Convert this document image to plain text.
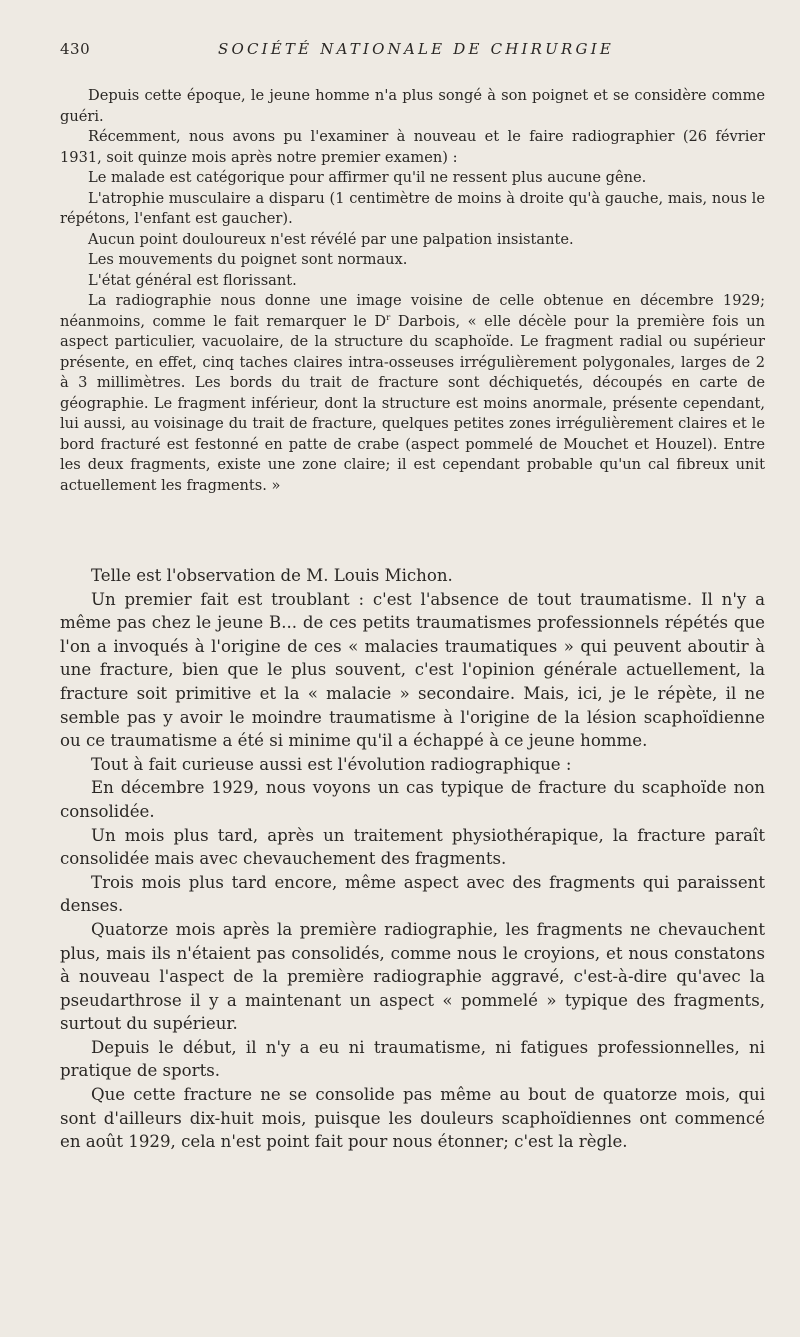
430	SOCIÉTÉ NATIONALE DE CHIRURGIE

Depuis cette époque, le jeune homme n'a plus songé à son poignet et se considère comme guéri.

Récemment, nous avons pu l'examiner à nouveau et le faire radiographier (26 février 1931, soit quinze mois après notre premier examen) :

Le malade est catégorique pour affirmer qu'il ne ressent plus aucune gêne.

L'atrophie musculaire a disparu (1 centimètre de moins à droite qu'à gauche, mais, nous le répétons, l'enfant est gaucher).

Aucun point douloureux n'est révélé par une palpation insistante.

Les mouvements du poignet sont normaux.

L'état général est florissant.

La radiographie nous donne une image voisine de celle obtenue en décembre 1929; néanmoins, comme le fait remarquer le $D^r$ Darbois, « elle décèle pour la première fois un aspect particulier, vacuolaire, de la structure du scaphoïde. Le fragment radial ou supérieur présente, en effet, cinq taches claires intra-osseuses irrégulièrement polygonales, larges de 2 à 3 millimètres. Les bords du trait de fracture sont déchiquetés, découpés en carte de géographie. Le fragment inférieur, dont la structure est moins anormale, présente cependant, lui aussi, au voisinage du trait de fracture, quelques petites zones irrégulièrement claires et le bord fracturé est festonné en patte de crabe (aspect pommelé de Mouchet et Houzel). Entre les deux fragments, existe une zone claire; il est cependant probable qu'un cal fibreux unit actuellement les fragments. »

Telle est l'observation de M. Louis Michon.

Un premier fait est troublant : c'est l'absence de tout traumatisme. Il n'y a même pas chez le jeune B... de ces petits traumatismes professionnels répétés que l'on a invoqués à l'origine de ces « malacies traumatiques » qui peuvent aboutir à une fracture, bien que le plus souvent, c'est l'opinion générale actuellement, la fracture soit primitive et la « malacie » secondaire. Mais, ici, je le répète, il ne semble pas y avoir le moindre traumatisme à l'origine de la lésion scaphoïdienne ou ce traumatisme a été si minime qu'il a échappé à ce jeune homme.

Tout à fait curieuse aussi est l'évolution radiographique :

En décembre 1929, nous voyons un cas typique de fracture du scaphoïde non consolidée.

Un mois plus tard, après un traitement physiothérapique, la fracture paraît consolidée mais avec chevauchement des fragments.

Trois mois plus tard encore, même aspect avec des fragments qui paraissent denses.

Quatorze mois après la première radiographie, les fragments ne chevauchent plus, mais ils n'étaient pas consolidés, comme nous le croyions, et nous constatons à nouveau l'aspect de la première radiographie aggravé, c'est-à-dire qu'avec la pseudarthrose il y a maintenant un aspect « pommelé » typique des fragments, surtout du supérieur.

Depuis le début, il n'y a eu ni traumatisme, ni fatigues professionnelles, ni pratique de sports.

Que cette fracture ne se consolide pas même au bout de quatorze mois, qui sont d'ailleurs dix-huit mois, puisque les douleurs scaphoïdiennes ont commencé en août 1929, cela n'est point fait pour nous étonner; c'est la règle.
